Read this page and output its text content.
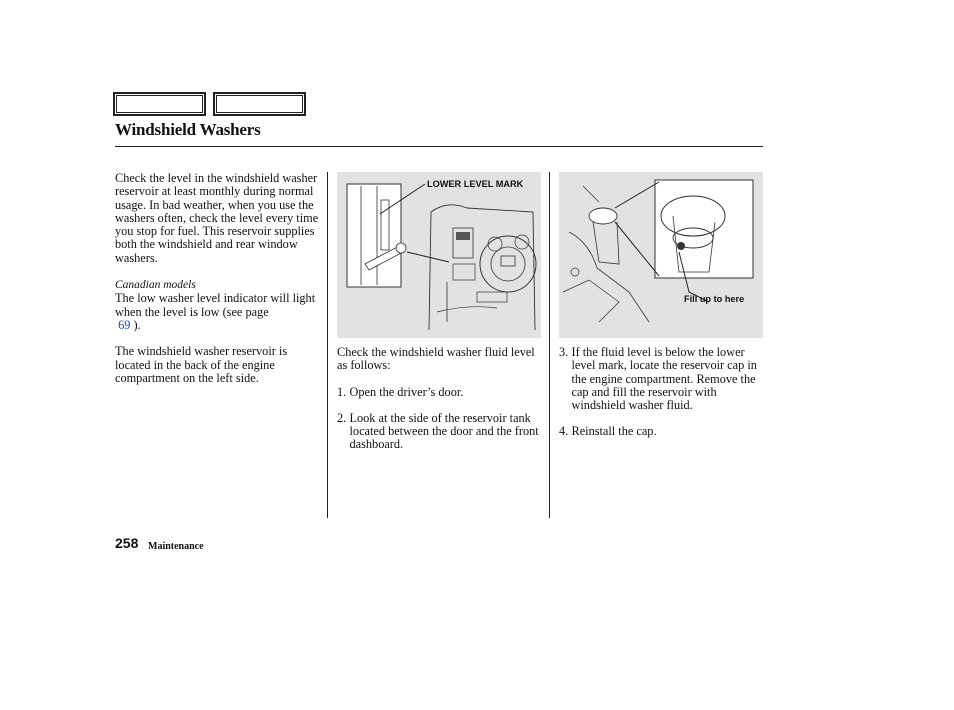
Windshield Washers

Check the level in the windshield washer reservoir at least monthly during normal usage. In bad weather, when you use the washers often, check the level every time you stop for fuel. This reservoir supplies both the windshield and rear window washers.

Canadian models

The low washer level indicator will light when the level is low (see page
69 ).

The windshield washer reservoir is located in the back of the engine compartment on the left side.

LOWER LEVEL MARK

Check the windshield washer fluid level as follows:

1. Open the driver’s door.
2. Look at the side of the reservoir tank located between the door and the front dashboard.
Fill up to here
3. If the fluid level is below the lower level mark, locate the reservoir cap in the engine compartment. Remove the cap and fill the reservoir with windshield washer fluid.
4. Reinstall the cap.
258 Maintenance
